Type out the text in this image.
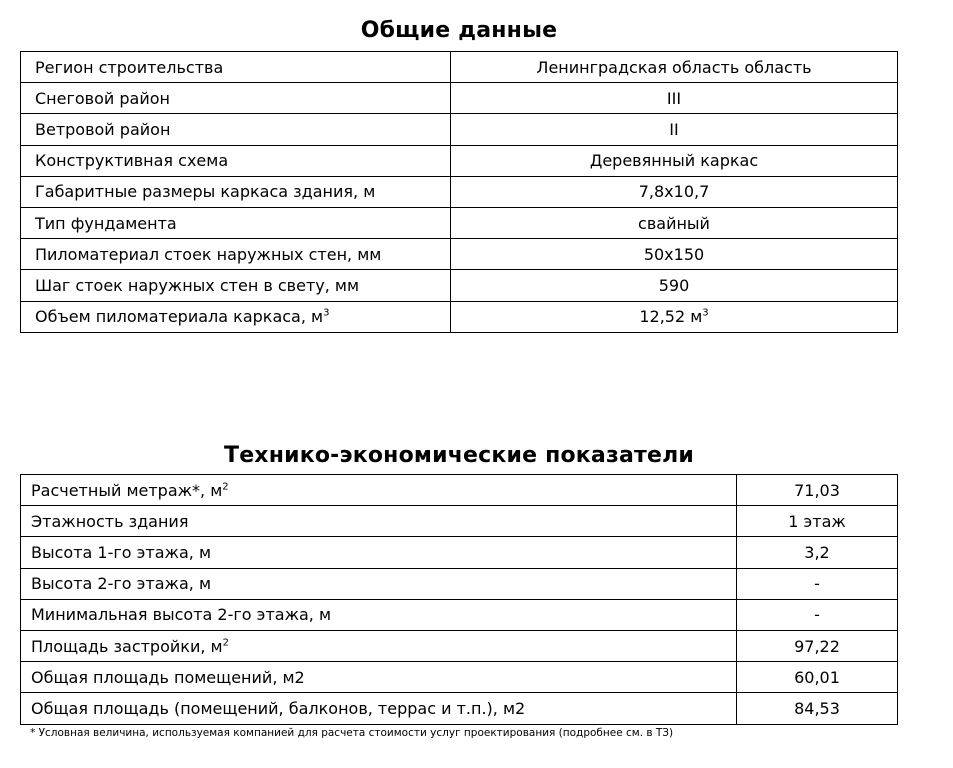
Общие данные
Регион строительства	Ленинградская область область
Снеговой район	III
Ветровой район	II
Конструктивная схема	Деревянный каркас
Габаритные размеры каркаса здания, м	7,8x10,7
Тип фундамента	свайный
Пиломатериал стоек наружных стен, мм	50x150
Шаг стоек наружных стен в свету, мм	590
Объем пиломатериала каркаса, $м^3$	12,52 $м^3$
Технико-экономические показатели
Расчетный метраж*, $м^2$	71,03
Этажность здания	1 этаж
Высота 1-го этажа, м	3,2
Высота 2-го этажа, м	-
Минимальная высота 2-го этажа, м	-
Площадь застройки, $м^2$	97,22
Общая площадь помещений, м2	60,01
Общая площадь (помещений, балконов, террас и т.п.), м2	84,53
* Условная величина, используемая компанией для расчета стоимости услуг проектирования (подробнее см. в ТЗ)
